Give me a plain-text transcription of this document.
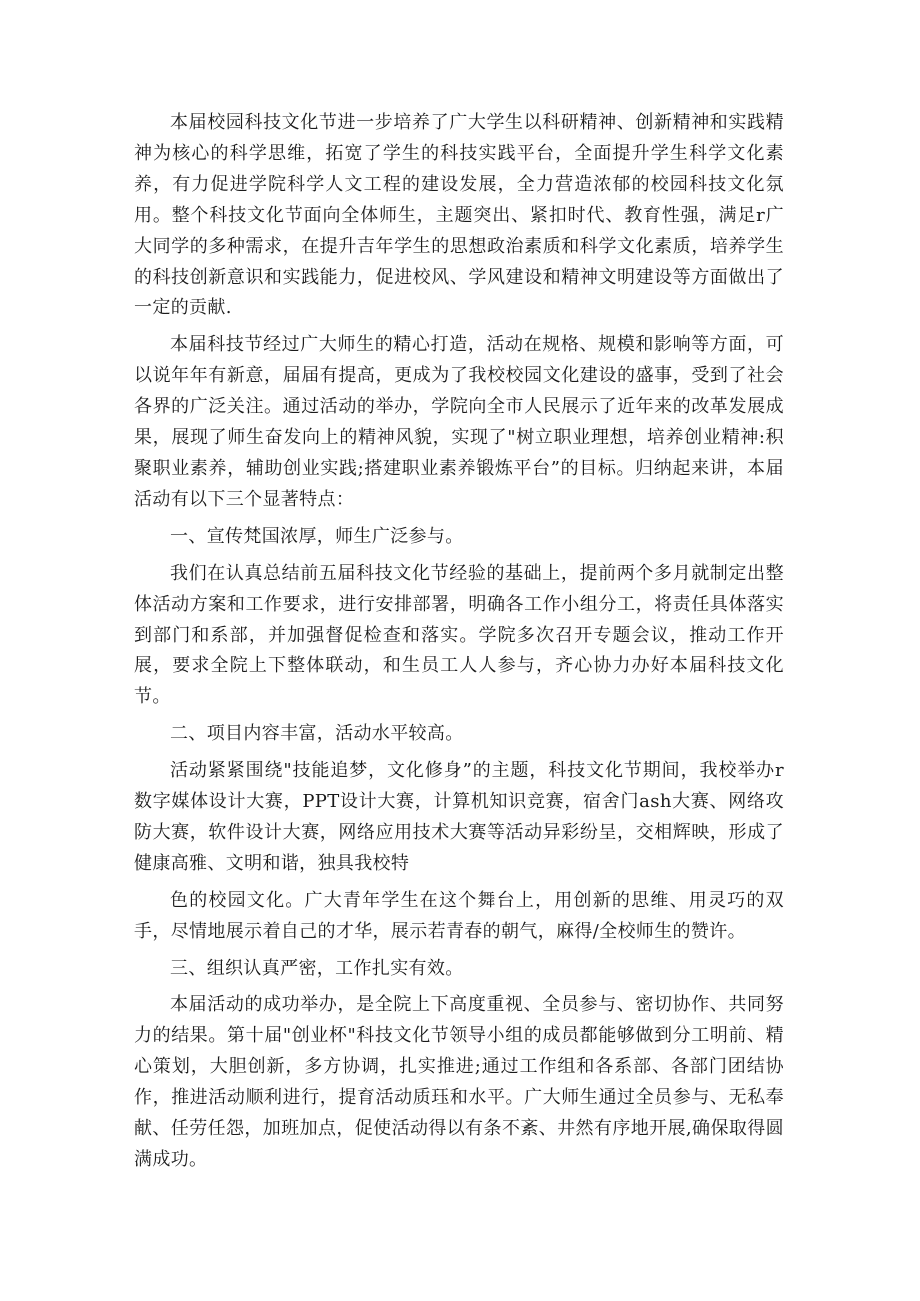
本届校园科技文化节进一步培养了广大学生以科研精神、创新精神和实践精神为核心的科学思维，拓宽了学生的科技实践平台，全面提升学生科学文化素养，有力促进学院科学人文工程的建设发展，全力营造浓郁的校园科技文化氛用。整个科技文化节面向全体师生，主题突出、紧扣时代、教育性强，满足r广大同学的多种需求，在提升吉年学生的思想政治素质和科学文化素质，培养学生的科技创新意识和实践能力，促进校风、学风建设和精神文明建设等方面做出了一定的贡献.

本届科技节经过广大师生的精心打造，活动在规格、规模和影响等方面，可以说年年有新意，届届有提高，更成为了我校校园文化建设的盛事，受到了社会各界的广泛关注。通过活动的举办，学院向全市人民展示了近年来的改革发展成果，展现了师生奋发向上的精神风貌，实现了"树立职业理想，培养创业精神:积聚职业素养，辅助创业实践;搭建职业素养锻炼平台”的目标。归纳起来讲，本届活动有以下三个显著特点：

一、宣传梵国浓厚，师生广泛参与。

我们在认真总结前五届科技文化节经验的基础上，提前两个多月就制定出整体活动方案和工作要求，进行安排部署，明确各工作小组分工，将责任具体落实到部门和系部，并加强督促检查和落实。学院多次召开专题会议，推动工作开展，要求全院上下整体联动，和生员工人人参与，齐心协力办好本届科技文化节。

二、项目内容丰富，活动水平较高。

活动紧紧围绕"技能追梦，文化修身”的主题，科技文化节期间，我校举办r数字媒体设计大赛，PPT设计大赛，计算机知识竞赛，宿舍门ash大赛、网络攻防大赛，软件设计大赛，网络应用技术大赛等活动异彩纷呈，交相辉映，形成了健康高雅、文明和谐，独具我校特

色的校园文化。广大青年学生在这个舞台上，用创新的思维、用灵巧的双手，尽情地展示着自己的才华，展示若青春的朝气，麻得/全校师生的赞许。

三、组织认真严密，工作扎实有效。

本届活动的成功举办，是全院上下高度重视、全员参与、密切协作、共同努力的结果。第十届"创业杯"科技文化节领导小组的成员都能够做到分工明前、精心策划，大胆创新，多方协调，扎实推进;通过工作组和各系部、各部门团结协作，推进活动顺利进行，提育活动质珏和水平。广大师生通过全员参与、无私奉献、任劳任怨，加班加点，促使活动得以有条不紊、井然有序地开展,确保取得圆满成功。
